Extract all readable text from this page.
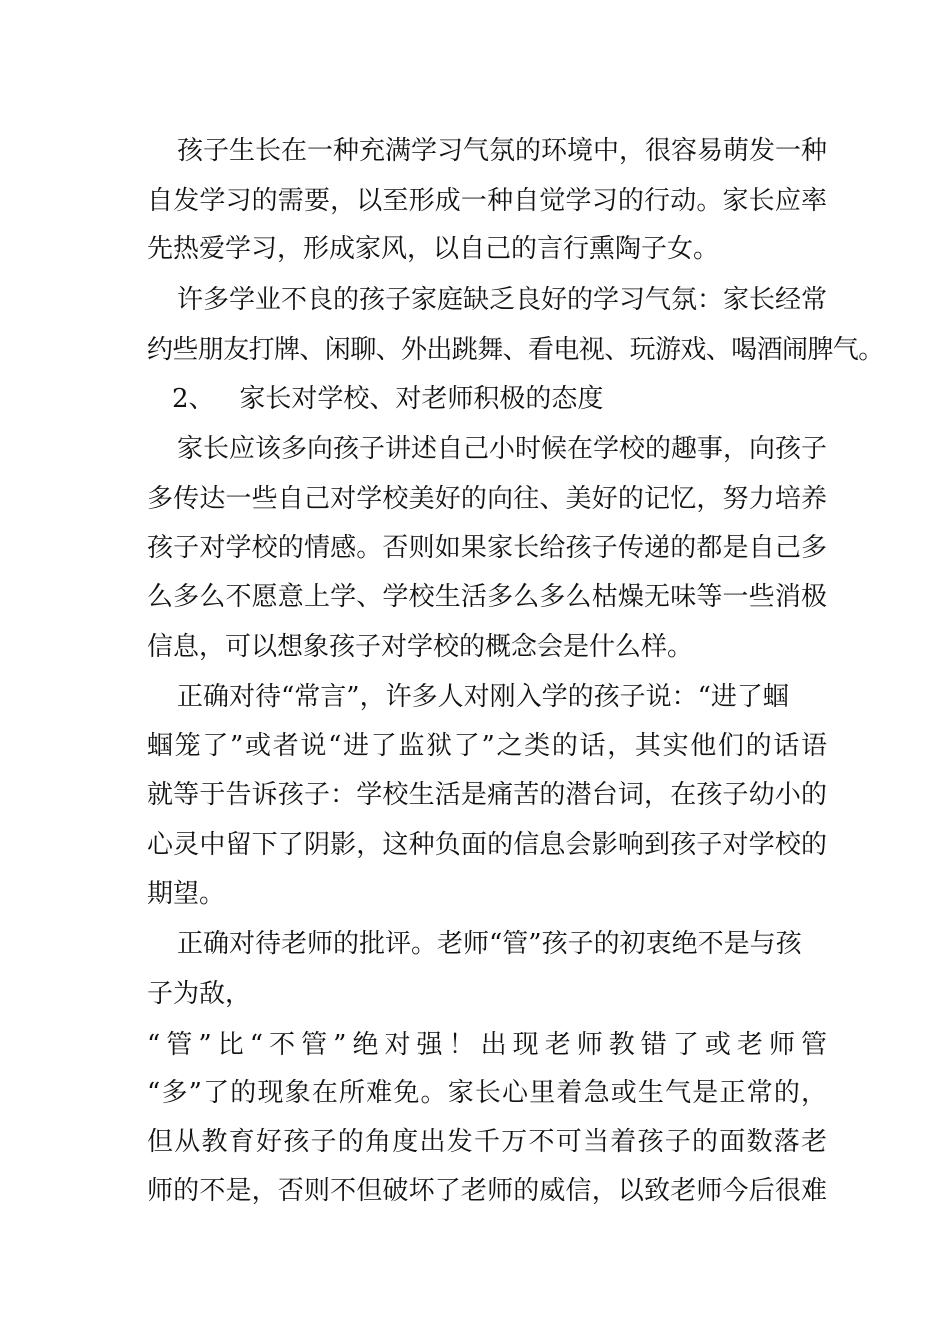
孩子生长在一种充满学习气氛的环境中，很容易萌发一种
自发学习的需要，以至形成一种自觉学习的行动。家长应率
先热爱学习，形成家风，以自己的言行熏陶子女。
许多学业不良的孩子家庭缺乏良好的学习气氛：家长经常
约些朋友打牌、闲聊、外出跳舞、看电视、玩游戏、喝酒闹脾气。
2、   家长对学校、对老师积极的态度
家长应该多向孩子讲述自己小时候在学校的趣事，向孩子
多传达一些自己对学校美好的向往、美好的记忆，努力培养
孩子对学校的情感。否则如果家长给孩子传递的都是自己多
么多么不愿意上学、学校生活多么多么枯燥无味等一些消极
信息，可以想象孩子对学校的概念会是什么样。
正确对待“常言”，许多人对刚入学的孩子说：“进了蝈
蝈笼了”或者说“进了监狱了”之类的话，其实他们的话语
就等于告诉孩子：学校生活是痛苦的潜台词，在孩子幼小的
心灵中留下了阴影，这种负面的信息会影响到孩子对学校的
期望。
正确对待老师的批评。老师“管”孩子的初衷绝不是与孩
子为敌，
“管”比“不管”绝对强！出现老师教错了或老师管
“多”了的现象在所难免。家长心里着急或生气是正常的，
但从教育好孩子的角度出发千万不可当着孩子的面数落老
师的不是，否则不但破坏了老师的威信，以致老师今后很难
